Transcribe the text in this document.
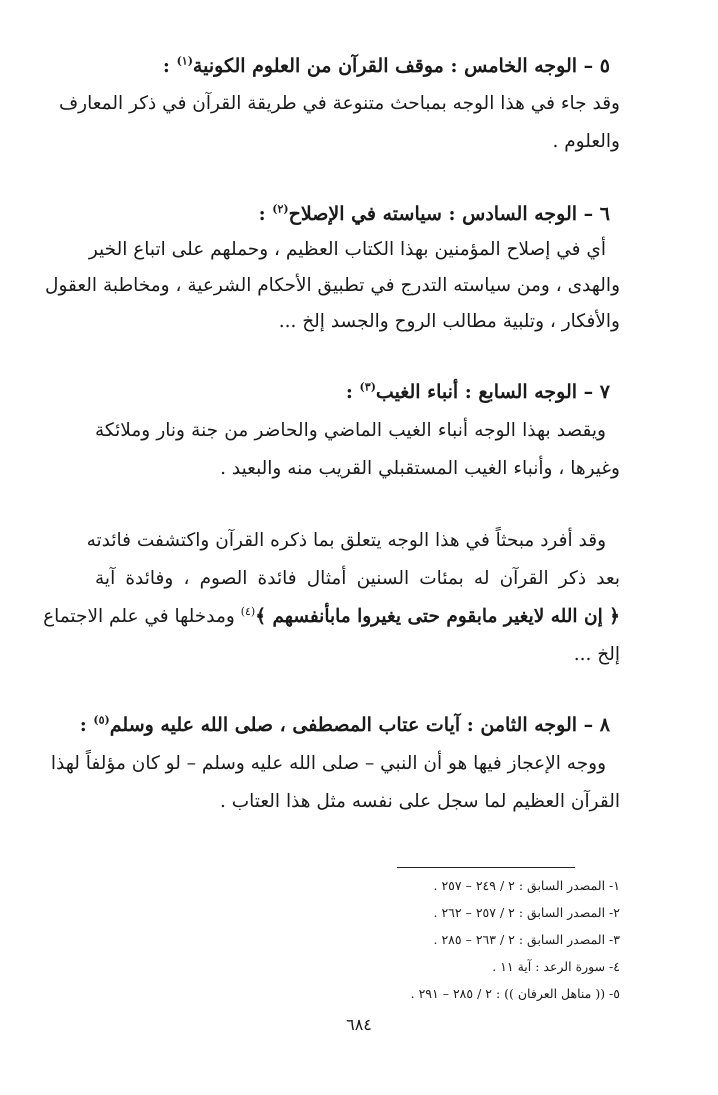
٥ – الوجه الخامس : موقف القرآن من العلوم الكونية$^{(١)}$ :
وقد جاء في هذا الوجه بمباحث متنوعة في طريقة القرآن في ذكر المعارف
والعلوم .
٦ – الوجه السادس : سياسته في الإصلاح$^{(٢)}$ :
أي في إصلاح المؤمنين بهذا الكتاب العظيم ، وحملهم على اتباع الخير
والهدى ، ومن سياسته التدرج في تطبيق الأحكام الشرعية ، ومخاطبة العقول
والأفكار ، وتلبية مطالب الروح والجسد إلخ ...
٧ – الوجه السابع : أنباء الغيب$^{(٣)}$ :
ويقصد بهذا الوجه أنباء الغيب الماضي والحاضر من جنة ونار وملائكة
وغيرها ، وأنباء الغيب المستقبلي القريب منه والبعيد .
وقد أفرد مبحثاً في هذا الوجه يتعلق بما ذكره القرآن واكتشفت فائدته
بعد ذكر القرآن له بمئات السنين أمثال فائدة الصوم ، وفائدة آية
﴿ إن الله لايغير مابقوم حتى يغيروا مابأنفسهم ﴾$^{(٤)}$ ومدخلها في علم الاجتماع
إلخ ...
٨ – الوجه الثامن : آيات عتاب المصطفى ، صلى الله عليه وسلم$^{(٥)}$ :
ووجه الإعجاز فيها هو أن النبي – صلى الله عليه وسلم – لو كان مؤلفاً لهذا
القرآن العظيم لما سجل على نفسه مثل هذا العتاب .
١- المصدر السابق : ٢ / ٢٤٩ – ٢٥٧ .
٢- المصدر السابق : ٢ / ٢٥٧ – ٢٦٢ .
٣- المصدر السابق : ٢ / ٢٦٣ – ٢٨٥ .
٤- سورة الرعد : آية ١١ .
٥- (( مناهل العرفان )) : ٢ / ٢٨٥ – ٢٩١ .
٦٨٤
